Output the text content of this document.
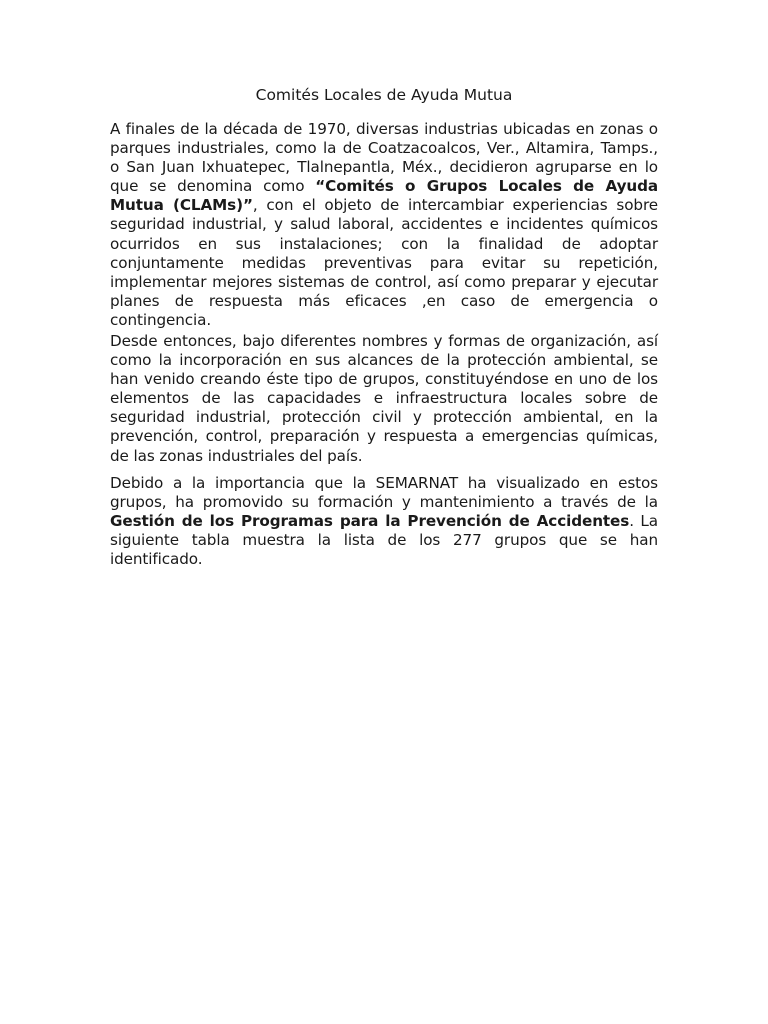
Comités Locales de Ayuda Mutua

A finales de la década de 1970, diversas industrias ubicadas en zonas o parques industriales, como la de Coatzacoalcos, Ver., Altamira, Tamps., o San Juan Ixhuatepec, Tlalnepantla, Méx., decidieron agruparse en lo que se denomina como “Comités o Grupos Locales de Ayuda Mutua (CLAMs)”, con el objeto de intercambiar experiencias sobre seguridad industrial, y salud laboral, accidentes e incidentes químicos ocurridos en sus instalaciones; con la finalidad de adoptar conjuntamente medidas preventivas para evitar su repetición, implementar mejores sistemas de control, así como preparar y ejecutar planes de respuesta más eficaces ,en caso de emergencia o contingencia.

Desde entonces, bajo diferentes nombres y formas de organización, así como la incorporación en sus alcances de la protección ambiental, se han venido creando éste tipo de grupos, constituyéndose en uno de los elementos de las capacidades e infraestructura locales sobre de seguridad industrial, protección civil y protección ambiental, en la prevención, control, preparación y respuesta a emergencias químicas, de las zonas industriales del país.

Debido a la importancia que la SEMARNAT ha visualizado en estos grupos, ha promovido su formación y mantenimiento a través de la Gestión de los Programas para la Prevención de Accidentes. La siguiente tabla muestra la lista de los 277 grupos que se han identificado.
